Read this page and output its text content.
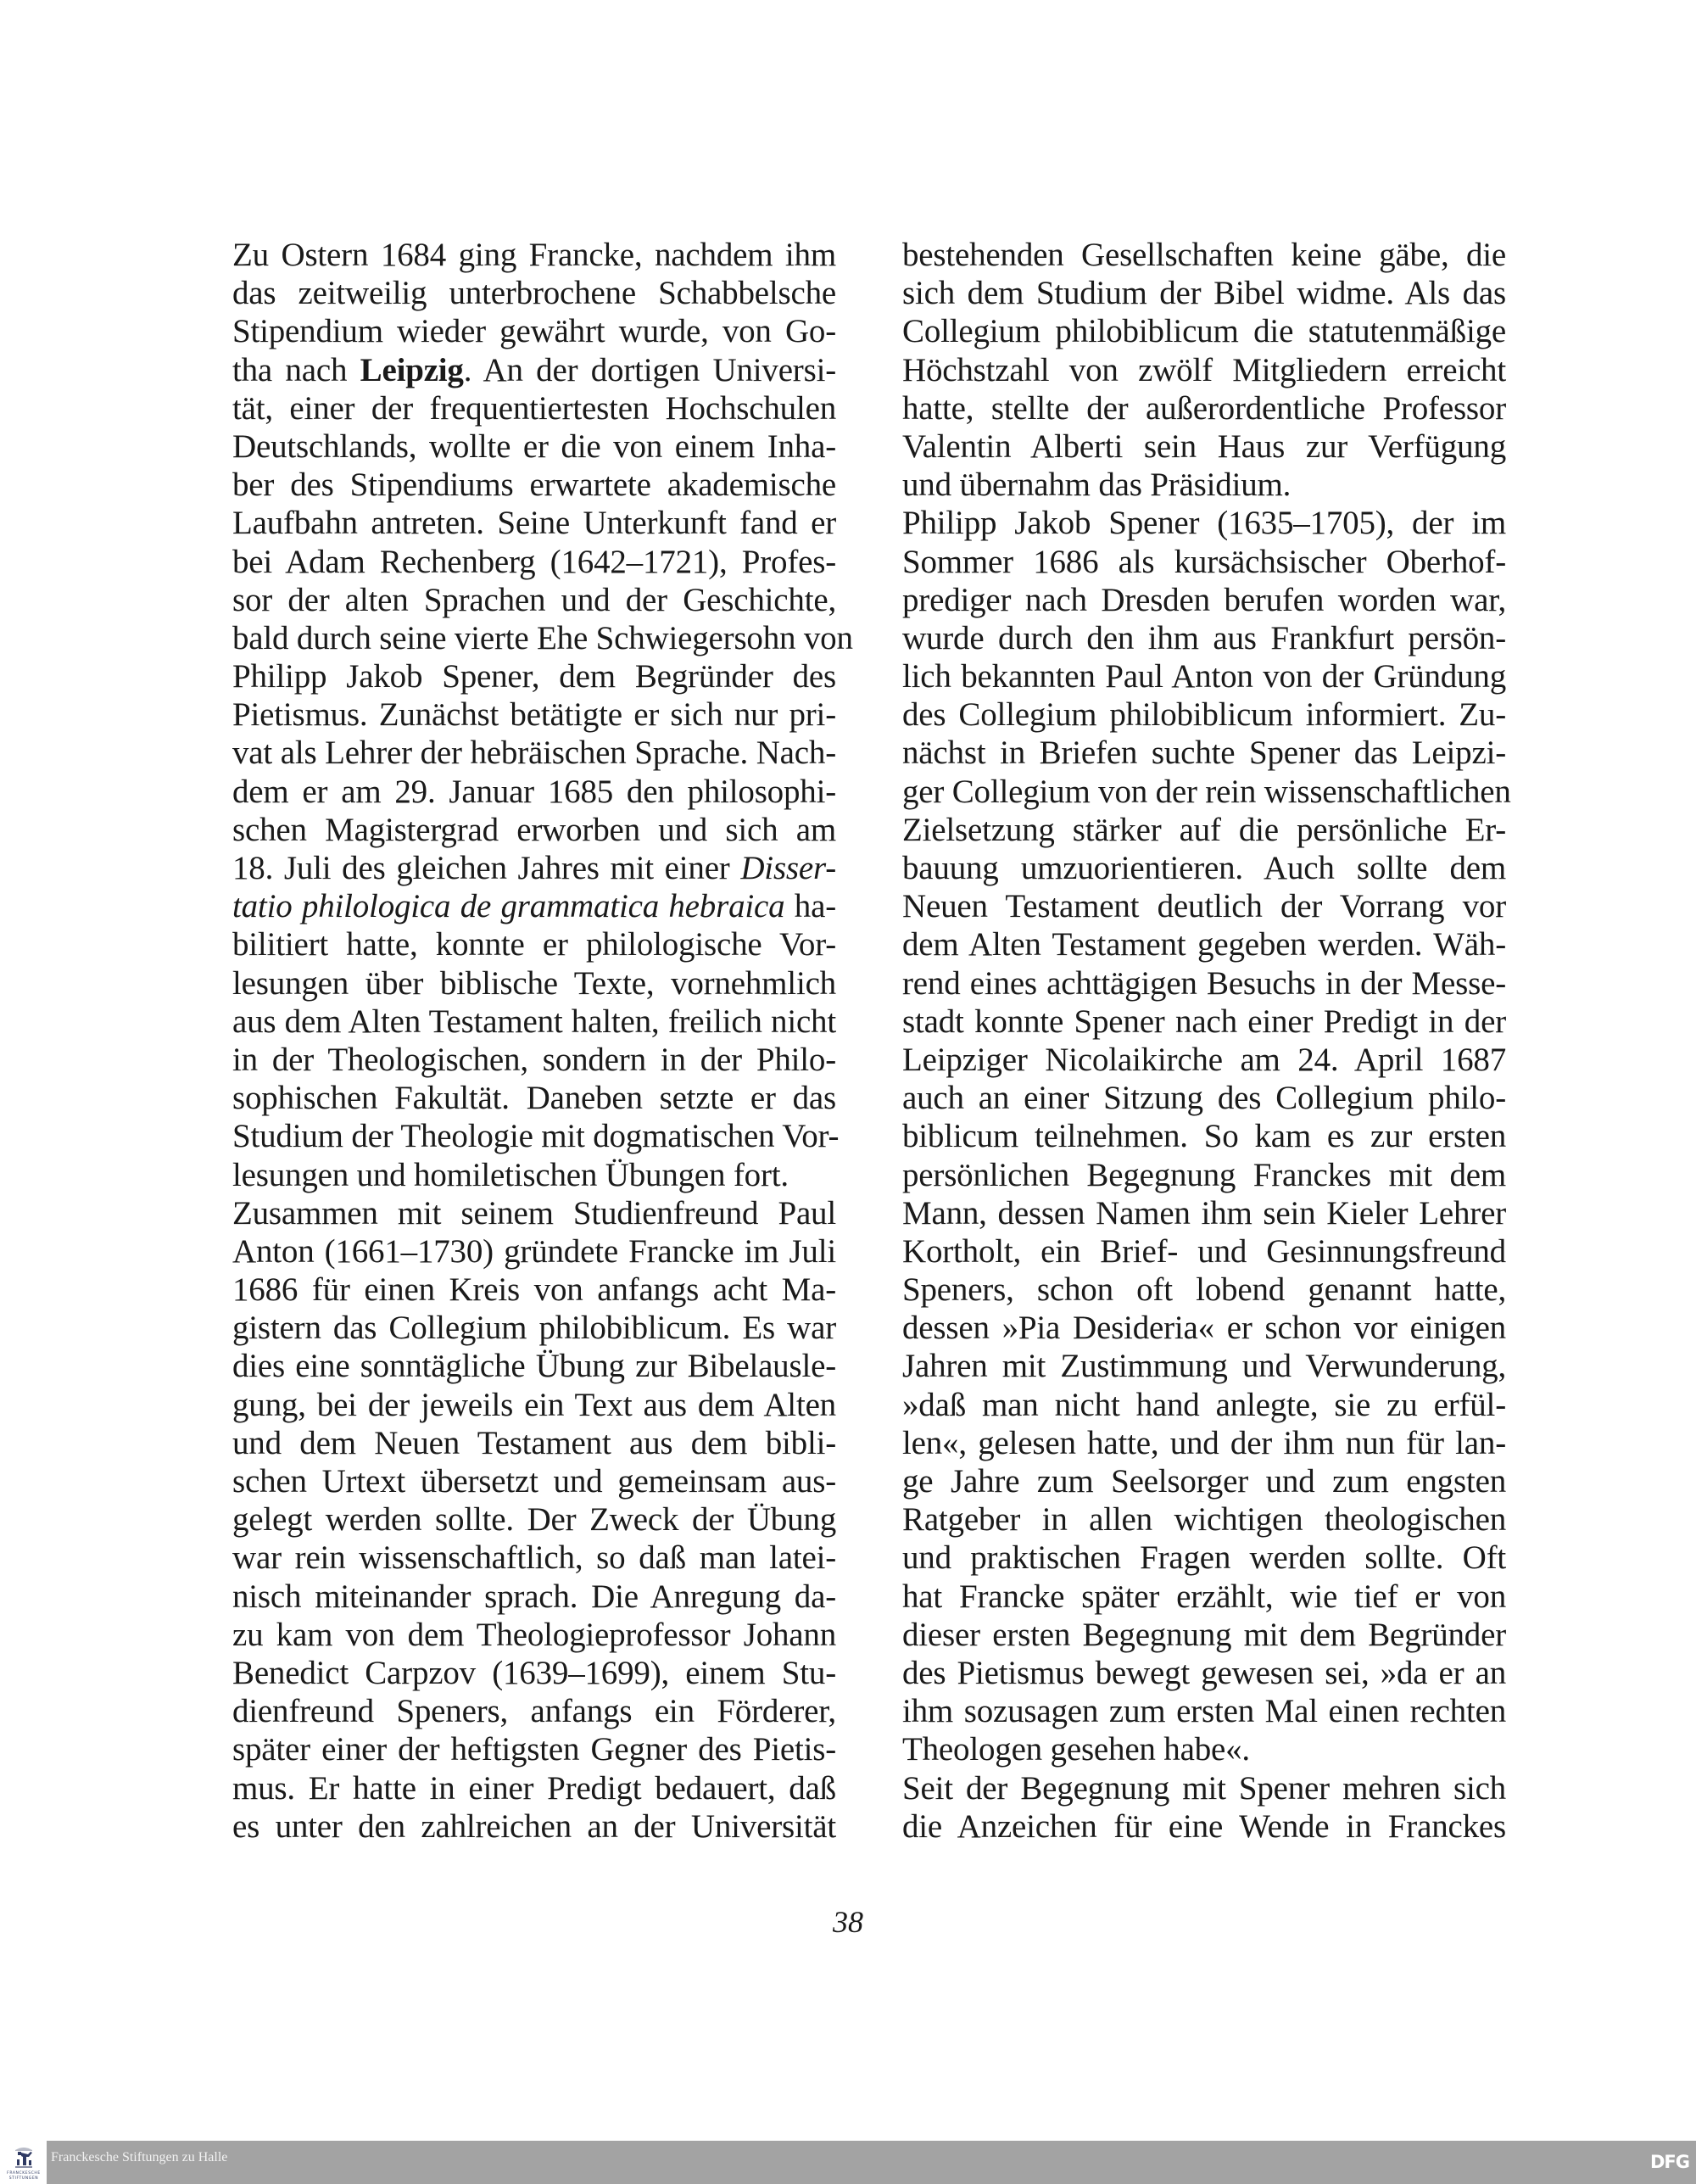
Zu Ostern 1684 ging Francke, nachdem ihm
das zeitweilig unterbrochene Schabbelsche
Stipendium wieder gewährt wurde, von Go-
tha nach Leipzig. An der dortigen Universi-
tät, einer der frequentiertesten Hochschulen
Deutschlands, wollte er die von einem Inha-
ber des Stipendiums erwartete akademische
Laufbahn antreten. Seine Unterkunft fand er
bei Adam Rechenberg (1642–1721), Profes-
sor der alten Sprachen und der Geschichte,
bald durch seine vierte Ehe Schwiegersohn von
Philipp Jakob Spener, dem Begründer des
Pietismus. Zunächst betätigte er sich nur pri-
vat als Lehrer der hebräischen Sprache. Nach-
dem er am 29. Januar 1685 den philosophi-
schen Magistergrad erworben und sich am
18. Juli des gleichen Jahres mit einer Disser-
tatio philologica de grammatica hebraica ha-
bilitiert hatte, konnte er philologische Vor-
lesungen über biblische Texte, vornehmlich
aus dem Alten Testament halten, freilich nicht
in der Theologischen, sondern in der Philo-
sophischen Fakultät. Daneben setzte er das
Studium der Theologie mit dogmatischen Vor-
lesungen und homiletischen Übungen fort.
Zusammen mit seinem Studienfreund Paul
Anton (1661–1730) gründete Francke im Juli
1686 für einen Kreis von anfangs acht Ma-
gistern das Collegium philobiblicum. Es war
dies eine sonntägliche Übung zur Bibelausle-
gung, bei der jeweils ein Text aus dem Alten
und dem Neuen Testament aus dem bibli-
schen Urtext übersetzt und gemeinsam aus-
gelegt werden sollte. Der Zweck der Übung
war rein wissenschaftlich, so daß man latei-
nisch miteinander sprach. Die Anregung da-
zu kam von dem Theologieprofessor Johann
Benedict Carpzov (1639–1699), einem Stu-
dienfreund Speners, anfangs ein Förderer,
später einer der heftigsten Gegner des Pietis-
mus. Er hatte in einer Predigt bedauert, daß
es unter den zahlreichen an der Universität
bestehenden Gesellschaften keine gäbe, die
sich dem Studium der Bibel widme. Als das
Collegium philobiblicum die statutenmäßige
Höchstzahl von zwölf Mitgliedern erreicht
hatte, stellte der außerordentliche Professor
Valentin Alberti sein Haus zur Verfügung
und übernahm das Präsidium.
Philipp Jakob Spener (1635–1705), der im
Sommer 1686 als kursächsischer Oberhof-
prediger nach Dresden berufen worden war,
wurde durch den ihm aus Frankfurt persön-
lich bekannten Paul Anton von der Gründung
des Collegium philobiblicum informiert. Zu-
nächst in Briefen suchte Spener das Leipzi-
ger Collegium von der rein wissenschaftlichen
Zielsetzung stärker auf die persönliche Er-
bauung umzuorientieren. Auch sollte dem
Neuen Testament deutlich der Vorrang vor
dem Alten Testament gegeben werden. Wäh-
rend eines achttägigen Besuchs in der Messe-
stadt konnte Spener nach einer Predigt in der
Leipziger Nicolaikirche am 24. April 1687
auch an einer Sitzung des Collegium philo-
biblicum teilnehmen. So kam es zur ersten
persönlichen Begegnung Franckes mit dem
Mann, dessen Namen ihm sein Kieler Lehrer
Kortholt, ein Brief- und Gesinnungsfreund
Speners, schon oft lobend genannt hatte,
dessen »Pia Desideria« er schon vor einigen
Jahren mit Zustimmung und Verwunderung,
»daß man nicht hand anlegte, sie zu erfül-
len«, gelesen hatte, und der ihm nun für lan-
ge Jahre zum Seelsorger und zum engsten
Ratgeber in allen wichtigen theologischen
und praktischen Fragen werden sollte. Oft
hat Francke später erzählt, wie tief er von
dieser ersten Begegnung mit dem Begründer
des Pietismus bewegt gewesen sei, »da er an
ihm sozusagen zum ersten Mal einen rechten
Theologen gesehen habe«.
Seit der Begegnung mit Spener mehren sich
die Anzeichen für eine Wende in Franckes
38
FRANCKESCHE
STIFTUNGEN
Franckesche Stiftungen zu Halle	DFG
